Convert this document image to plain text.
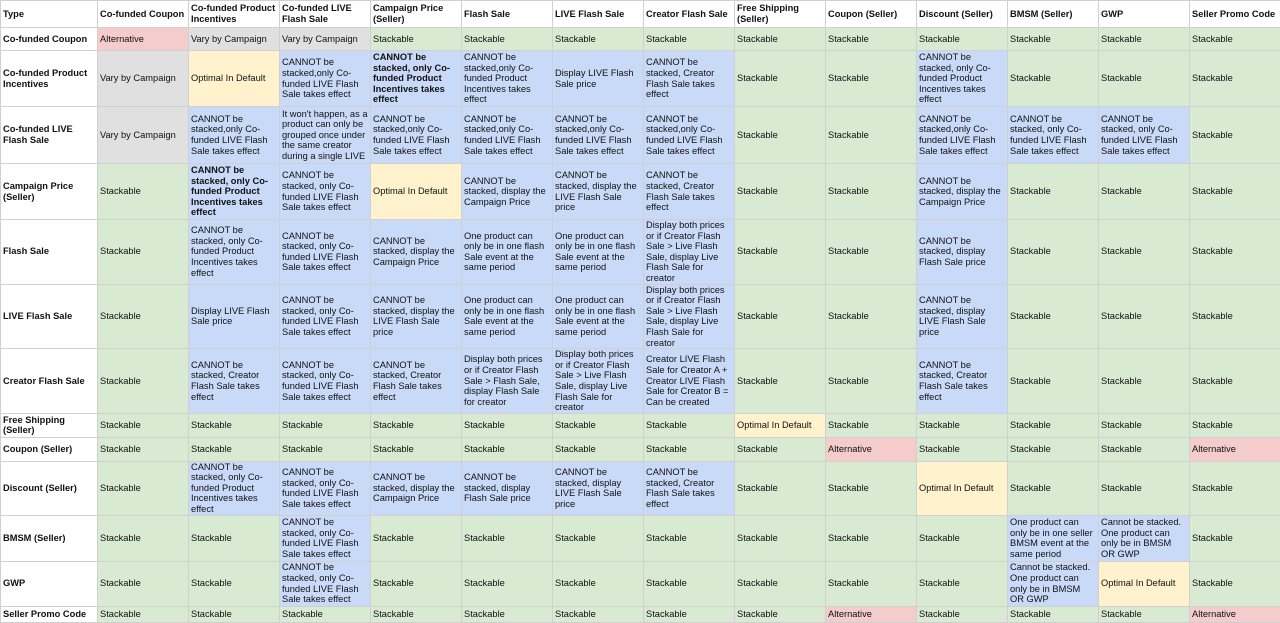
Type	Co-funded Coupon	Co-funded Product Incentives	Co-funded LIVE Flash Sale	Campaign Price (Seller)	Flash Sale	LIVE Flash Sale	Creator Flash Sale	Free Shipping (Seller)	Coupon (Seller)	Discount (Seller)	BMSM (Seller)	GWP	Seller Promo Code
Co-funded Coupon	Alternative	Vary by Campaign	Vary by Campaign	Stackable	Stackable	Stackable	Stackable	Stackable	Stackable	Stackable	Stackable	Stackable	Stackable
Co-funded Product Incentives	Vary by Campaign	Optimal In Default	CANNOT be stacked,only Co-funded LIVE Flash Sale takes effect	CANNOT be stacked, only Co-funded Product Incentives takes effect	CANNOT be stacked,only Co-funded Product Incentives takes effect	Display LIVE Flash Sale price	CANNOT be stacked, Creator Flash Sale takes effect	Stackable	Stackable	CANNOT be stacked, only Co-funded Product Incentives takes effect	Stackable	Stackable	Stackable
Co-funded LIVE Flash Sale	Vary by Campaign	CANNOT be stacked,only Co-funded LIVE Flash Sale takes effect	It won't happen, as a product can only be grouped once under the same creator during a single LIVE	CANNOT be stacked,only Co-funded LIVE Flash Sale takes effect	CANNOT be stacked,only Co-funded LIVE Flash Sale takes effect	CANNOT be stacked,only Co-funded LIVE Flash Sale takes effect	CANNOT be stacked,only Co-funded LIVE Flash Sale takes effect	Stackable	Stackable	CANNOT be stacked,only Co-funded LIVE Flash Sale takes effect	CANNOT be stacked, only Co-funded LIVE Flash Sale takes effect	CANNOT be stacked, only Co-funded LIVE Flash Sale takes effect	Stackable
Campaign Price (Seller)	Stackable	CANNOT be stacked, only Co-funded Product Incentives takes effect	CANNOT be stacked, only Co-funded LIVE Flash Sale takes effect	Optimal In Default	CANNOT be stacked, display the Campaign Price	CANNOT be stacked, display the LIVE Flash Sale price	CANNOT be stacked, Creator Flash Sale takes effect	Stackable	Stackable	CANNOT be stacked, display the Campaign Price	Stackable	Stackable	Stackable
Flash Sale	Stackable	CANNOT be stacked, only Co-funded Product Incentives takes effect	CANNOT be stacked, only Co-funded LIVE Flash Sale takes effect	CANNOT be stacked, display the Campaign Price	One product can only be in one flash Sale event at the same period	One product can only be in one flash Sale event at the same period	Display both prices or if Creator Flash Sale > Live Flash Sale, display Live Flash Sale for creator	Stackable	Stackable	CANNOT be stacked, display Flash Sale price	Stackable	Stackable	Stackable
LIVE Flash Sale	Stackable	Display LIVE Flash Sale price	CANNOT be stacked, only Co-funded LIVE Flash Sale takes effect	CANNOT be stacked, display the LIVE Flash Sale price	One product can only be in one flash Sale event at the same period	One product can only be in one flash Sale event at the same period	Display both prices or if Creator Flash Sale > Live Flash Sale, display Live Flash Sale for creator	Stackable	Stackable	CANNOT be stacked, display LIVE Flash Sale price	Stackable	Stackable	Stackable
Creator Flash Sale	Stackable	CANNOT be stacked, Creator Flash Sale takes effect	CANNOT be stacked, only Co-funded LIVE Flash Sale takes effect	CANNOT be stacked, Creator Flash Sale takes effect	Display both prices or if Creator Flash Sale > Flash Sale, display Flash Sale for creator	Display both prices or if Creator Flash Sale > Live Flash Sale, display Live Flash Sale for creator	Creator LIVE Flash Sale for Creator A + Creator LIVE Flash Sale for Creator B = Can be created	Stackable	Stackable	CANNOT be stacked, Creator Flash Sale takes effect	Stackable	Stackable	Stackable
Free Shipping (Seller)	Stackable	Stackable	Stackable	Stackable	Stackable	Stackable	Stackable	Optimal In Default	Stackable	Stackable	Stackable	Stackable	Stackable
Coupon (Seller)	Stackable	Stackable	Stackable	Stackable	Stackable	Stackable	Stackable	Stackable	Alternative	Stackable	Stackable	Stackable	Alternative
Discount (Seller)	Stackable	CANNOT be stacked, only Co-funded Product Incentives takes effect	CANNOT be stacked, only Co-funded LIVE Flash Sale takes effect	CANNOT be stacked, display the Campaign Price	CANNOT be stacked, display Flash Sale price	CANNOT be stacked, display LIVE Flash Sale price	CANNOT be stacked, Creator Flash Sale takes effect	Stackable	Stackable	Optimal In Default	Stackable	Stackable	Stackable
BMSM (Seller)	Stackable	Stackable	CANNOT be stacked, only Co-funded LIVE Flash Sale takes effect	Stackable	Stackable	Stackable	Stackable	Stackable	Stackable	Stackable	One product can only be in one seller BMSM event at the same period	Cannot be stacked. One product can only be in BMSM OR GWP	Stackable
GWP	Stackable	Stackable	CANNOT be stacked, only Co-funded LIVE Flash Sale takes effect	Stackable	Stackable	Stackable	Stackable	Stackable	Stackable	Stackable	Cannot be stacked. One product can only be in BMSM OR GWP	Optimal In Default	Stackable
Seller Promo Code	Stackable	Stackable	Stackable	Stackable	Stackable	Stackable	Stackable	Stackable	Alternative	Stackable	Stackable	Stackable	Alternative
